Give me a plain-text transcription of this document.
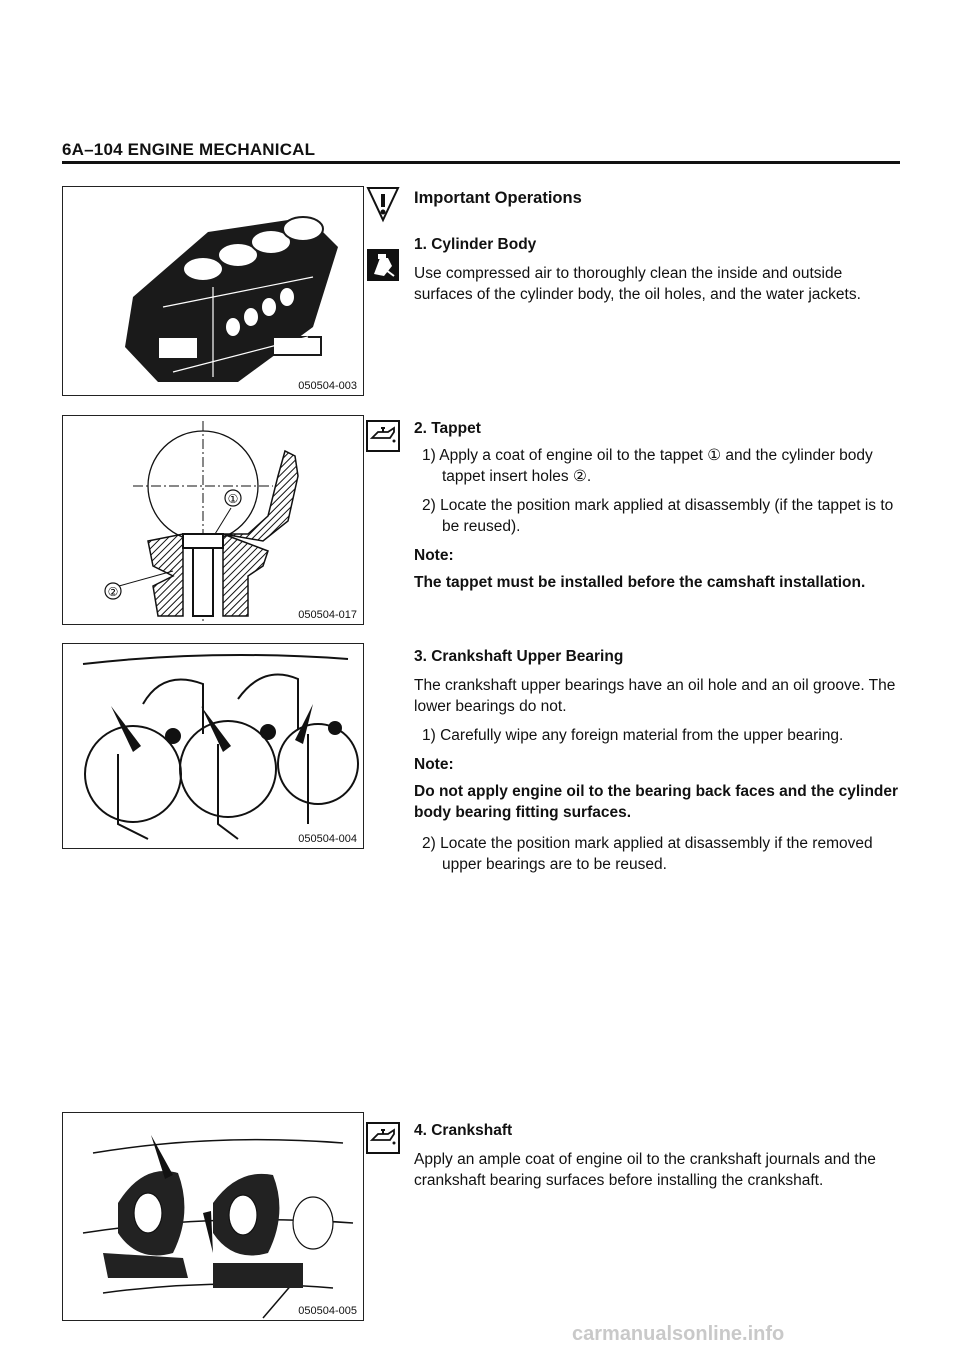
6A–104 ENGINE MECHANICAL
050504-003
①
②
050504-017
050504-004
050504-005
Important Operations
1. Cylinder Body

Use compressed air to thoroughly clean the inside and outside surfaces of the cylinder body, the oil holes, and the water jackets.

2. Tappet

1) Apply a coat of engine oil to the tappet ① and the cylinder body tappet insert holes ②.

2) Locate the position mark applied at disassembly (if the tappet is to be reused).

Note:

The tappet must be installed before the camshaft installation.

3. Crankshaft Upper Bearing

The crankshaft upper bearings have an oil hole and an oil groove. The lower bearings do not.

1) Carefully wipe any foreign material from the upper bearing.

Note:

Do not apply engine oil to the bearing back faces and the cylinder body bearing fitting surfaces.

2) Locate the position mark applied at disassembly if the removed upper bearings are to be reused.

4. Crankshaft

Apply an ample coat of engine oil to the crankshaft journals and the crankshaft bearing surfaces before installing the crankshaft.

carmanualsonline.info
